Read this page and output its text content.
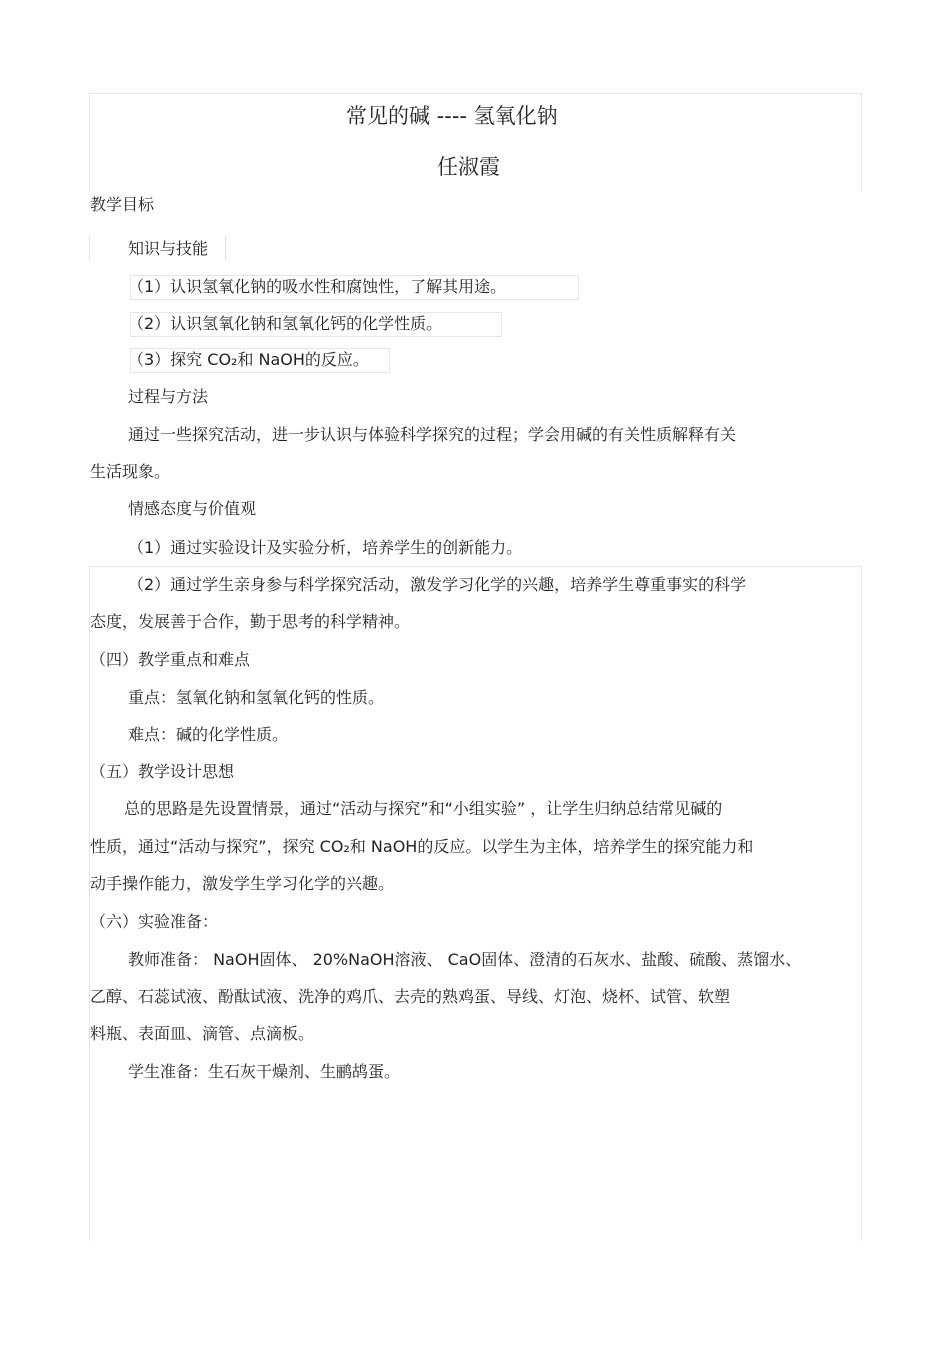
常见的碱 ---- 氢氧化钠
任淑霞
教学目标
知识与技能
（1）认识氢氧化钠的吸水性和腐蚀性，了解其用途。
（2）认识氢氧化钠和氢氧化钙的化学性质。
（3）探究 CO₂和 NaOH的反应。
过程与方法
通过一些探究活动，进一步认识与体验科学探究的过程；学会用碱的有关性质解释有关
生活现象。
情感态度与价值观
（1）通过实验设计及实验分析，培养学生的创新能力。
（2）通过学生亲身参与科学探究活动，激发学习化学的兴趣，培养学生尊重事实的科学
态度，发展善于合作，勤于思考的科学精神。
（四）教学重点和难点
重点：氢氧化钠和氢氧化钙的性质。
难点：碱的化学性质。
（五）教学设计思想
总的思路是先设置情景，通过“活动与探究”和“小组实验” ，让学生归纳总结常见碱的
性质，通过“活动与探究”，探究 CO₂和 NaOH的反应。以学生为主体，培养学生的探究能力和
动手操作能力，激发学生学习化学的兴趣。
（六）实验准备：
教师准备： NaOH固体、 20%NaOH溶液、 CaO固体、澄清的石灰水、盐酸、硫酸、蒸馏水、
乙醇、石蕊试液、酚酞试液、洗净的鸡爪、去壳的熟鸡蛋、导线、灯泡、烧杯、试管、软塑
料瓶、表面皿、滴管、点滴板。
学生准备：生石灰干燥剂、生鹂鸪蛋。
